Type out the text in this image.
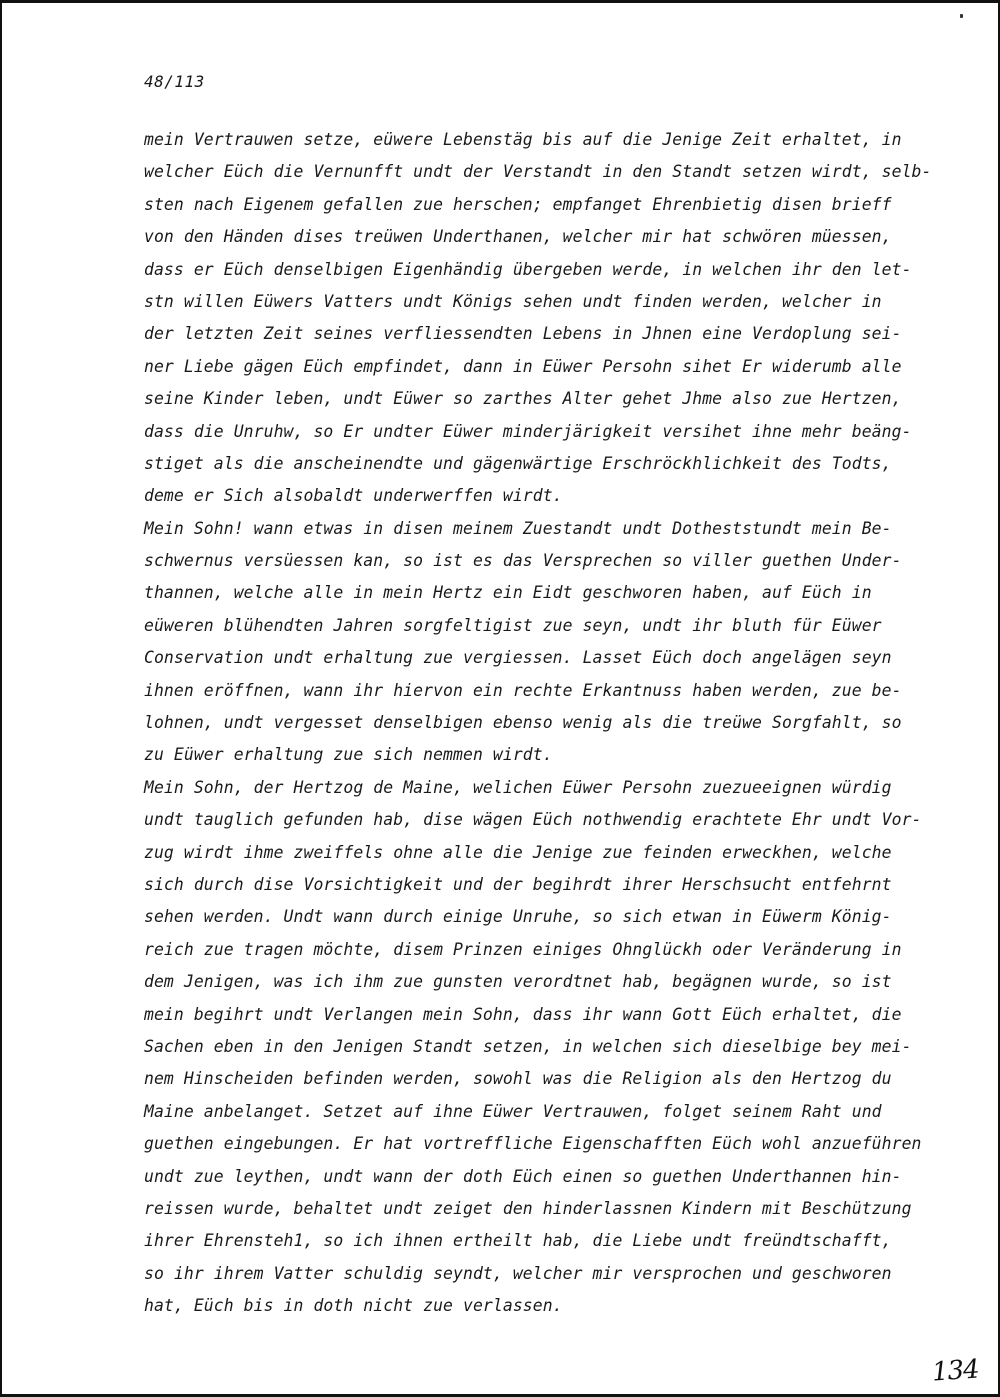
48/113
mein Vertrauwen setze, eüwere Lebenstäg bis auf die Jenige Zeit erhaltet, in
welcher Eüch die Vernunfft undt der Verstandt in den Standt setzen wirdt, selb-
sten nach Eigenem gefallen zue herschen; empfanget Ehrenbietig disen brieff
von den Händen dises treüwen Underthanen, welcher mir hat schwören müessen,
dass er Eüch denselbigen Eigenhändig übergeben werde, in welchen ihr den let-
stn willen Eüwers Vatters undt Königs sehen undt finden werden, welcher in
der letzten Zeit seines verfliessendten Lebens in Jhnen eine Verdoplung sei-
ner Liebe gägen Eüch empfindet, dann in Eüwer Persohn sihet Er widerumb alle
seine Kinder leben, undt Eüwer so zarthes Alter gehet Jhme also zue Hertzen,
dass die Unruhw, so Er undter Eüwer minderjärigkeit versihet ihne mehr beäng-
stiget als die anscheinendte und gägenwärtige Erschröckhlichkeit des Todts,
deme er Sich alsobaldt underwerffen wirdt.
Mein Sohn! wann etwas in disen meinem Zuestandt undt Dotheststundt mein Be-
schwernus versüessen kan, so ist es das Versprechen so viller guethen Under-
thannen, welche alle in mein Hertz ein Eidt geschworen haben, auf Eüch in
eüweren blühendten Jahren sorgfeltigist zue seyn, undt ihr bluth für Eüwer
Conservation undt erhaltung zue vergiessen. Lasset Eüch doch angelägen seyn
ihnen eröffnen, wann ihr hiervon ein rechte Erkantnuss haben werden, zue be-
lohnen, undt vergesset denselbigen ebenso wenig als die treüwe Sorgfahlt, so
zu Eüwer erhaltung zue sich nemmen wirdt.
Mein Sohn, der Hertzog de Maine, welichen Eüwer Persohn zuezueeignen würdig
undt tauglich gefunden hab, dise wägen Eüch nothwendig erachtete Ehr undt Vor-
zug wirdt ihme zweiffels ohne alle die Jenige zue feinden erweckhen, welche
sich durch dise Vorsichtigkeit und der begihrdt ihrer Herschsucht entfehrnt
sehen werden. Undt wann durch einige Unruhe, so sich etwan in Eüwerm König-
reich zue tragen möchte, disem Prinzen einiges Ohnglückh oder Veränderung in
dem Jenigen, was ich ihm zue gunsten verordtnet hab, begägnen wurde, so ist
mein begihrt undt Verlangen mein Sohn, dass ihr wann Gott Eüch erhaltet, die
Sachen eben in den Jenigen Standt setzen, in welchen sich dieselbige bey mei-
nem Hinscheiden befinden werden, sowohl was die Religion als den Hertzog du
Maine anbelanget. Setzet auf ihne Eüwer Vertrauwen, folget seinem Raht und
guethen eingebungen. Er hat vortreffliche Eigenschafften Eüch wohl anzueführen
undt zue leythen, undt wann der doth Eüch einen so guethen Underthannen hin-
reissen wurde, behaltet undt zeiget den hinderlassnen Kindern mit Beschützung
ihrer Ehrensteh1, so ich ihnen ertheilt hab, die Liebe undt freündtschafft,
so ihr ihrem Vatter schuldig seyndt, welcher mir versprochen und geschworen
hat, Eüch bis in doth nicht zue verlassen.
134
